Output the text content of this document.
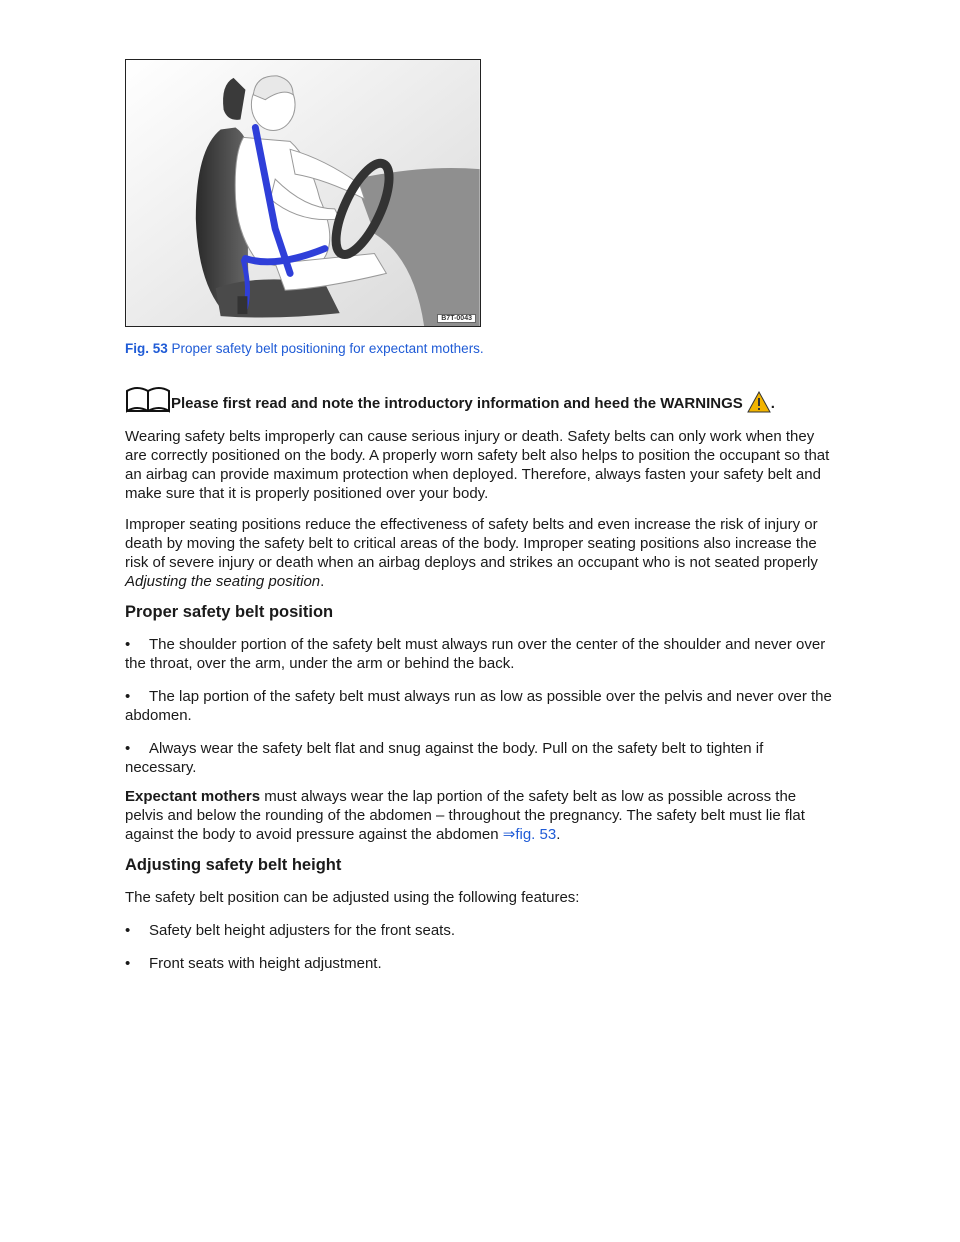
B7T-0043
Fig. 53 Proper safety belt positioning for expectant mothers.
Please first read and note the introductory information and heed the WARNINGS .

Wearing safety belts improperly can cause serious injury or death. Safety belts can only work when they are correctly positioned on the body. A properly worn safety belt also helps to position the occupant so that an airbag can provide maximum protection when deployed. Therefore, always fasten your safety belt and make sure that it is properly positioned over your body.

Improper seating positions reduce the effectiveness of safety belts and even increase the risk of injury or death by moving the safety belt to critical areas of the body. Improper seating positions also increase the risk of severe injury or death when an airbag deploys and strikes an occupant who is not seated properly Adjusting the seating position.

Proper safety belt position
• The shoulder portion of the safety belt must always run over the center of the shoulder and never over the throat, over the arm, under the arm or behind the back.
• The lap portion of the safety belt must always run as low as possible over the pelvis and never over the abdomen.
• Always wear the safety belt flat and snug against the body. Pull on the safety belt to tighten if necessary.

Expectant mothers must always wear the lap portion of the safety belt as low as possible across the pelvis and below the rounding of the abdomen – throughout the pregnancy. The safety belt must lie flat against the body to avoid pressure against the abdomen ⇒fig. 53.

Adjusting safety belt height

The safety belt position can be adjusted using the following features:

• Safety belt height adjusters for the front seats.
• Front seats with height adjustment.
